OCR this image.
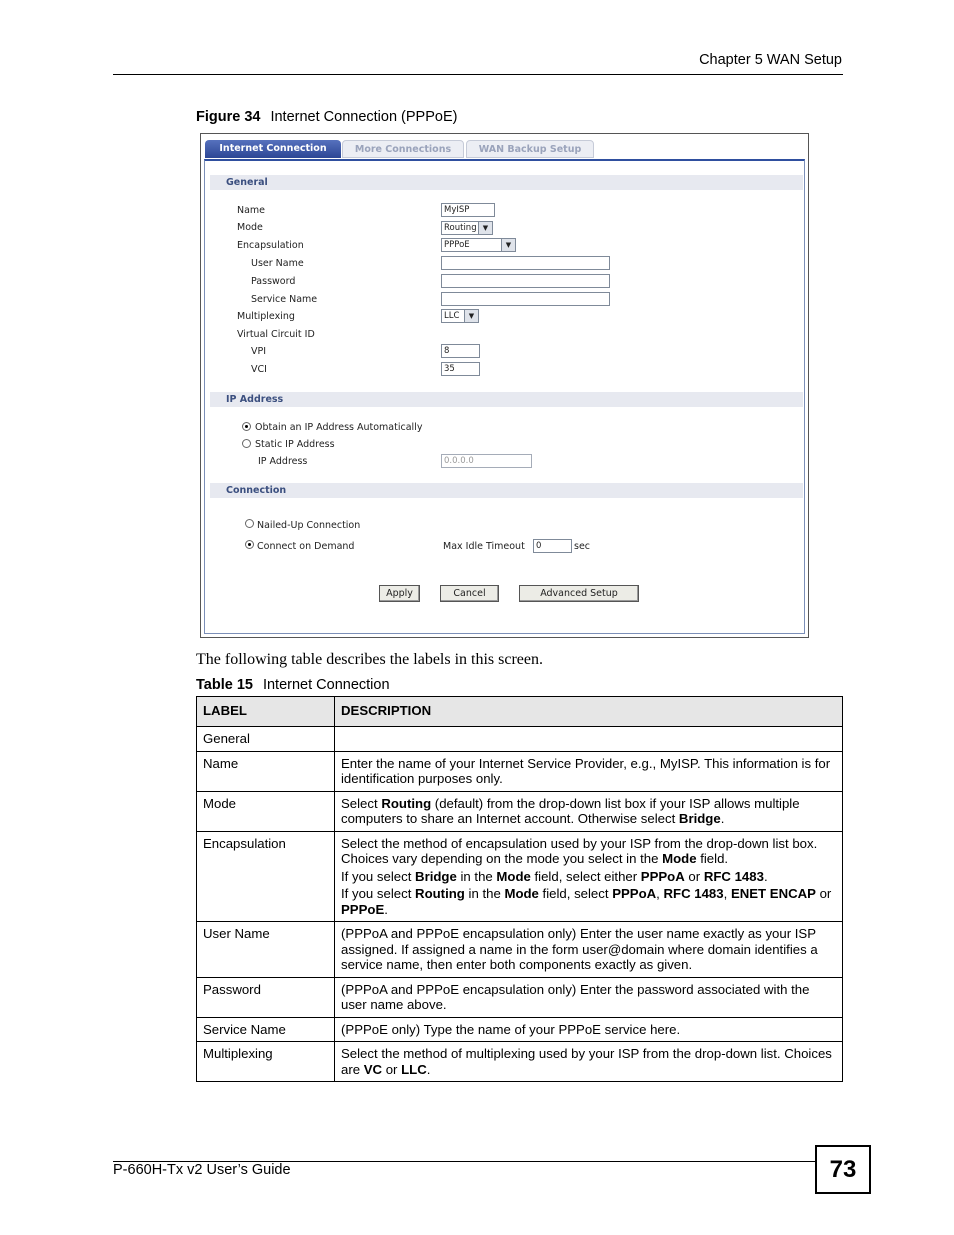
Chapter 5 WAN Setup
Figure 34 Internet Connection (PPPoE)
Internet Connection	More Connections	WAN Backup Setup
General
Name	MyISP
Mode	Routing ▼
Encapsulation	PPPoE	▼
User Name
Password
Service Name
Multiplexing	LLC	▼
Virtual Circuit ID
VPI	8
VCI	35
IP Address
Obtain an IP Address Automatically
Static IP Address
IP Address	0.0.0.0
Connection
Nailed-Up Connection
Connect on Demand	Max Idle Timeout	0	sec
Apply	Cancel	Advanced Setup
The following table describes the labels in this screen.
Table 15 Internet Connection
LABEL	DESCRIPTION
General	
Name	Enter the name of your Internet Service Provider, e.g., MyISP. This information is for identification purposes only.
Mode	Select Routing (default) from the drop-down list box if your ISP allows multiple computers to share an Internet account. Otherwise select Bridge.
Encapsulation	Select the method of encapsulation used by your ISP from the drop-down list box. Choices vary depending on the mode you select in the Mode field.

If you select Bridge in the Mode field, select either PPPoA or RFC 1483.

If you select Routing in the Mode field, select PPPoA, RFC 1483, ENET ENCAP or PPPoE.

User Name	(PPPoA and PPPoE encapsulation only) Enter the user name exactly as your ISP assigned. If assigned a name in the form user@domain where domain identifies a service name, then enter both components exactly as given.
Password	(PPPoA and PPPoE encapsulation only) Enter the password associated with the user name above.
Service Name	(PPPoE only) Type the name of your PPPoE service here.
Multiplexing	Select the method of multiplexing used by your ISP from the drop-down list. Choices are VC or LLC.
P-660H-Tx v2 User’s Guide	73
